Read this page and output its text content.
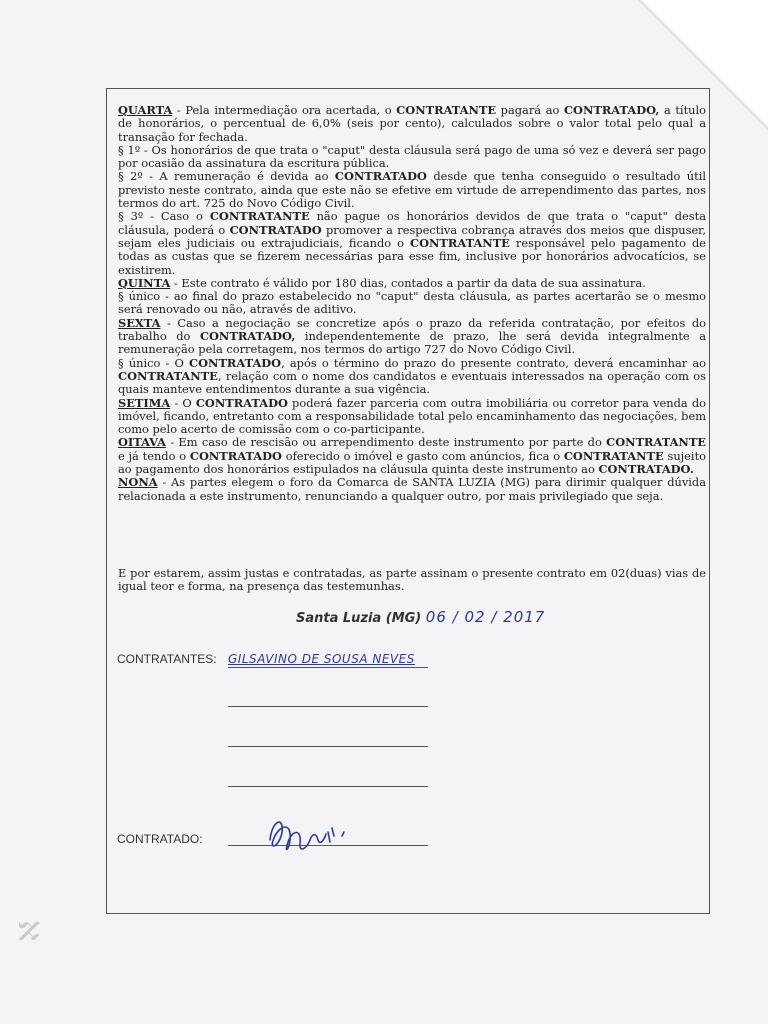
ℵ

QUARTA - Pela intermediação ora acertada, o CONTRATANTE pagará ao CONTRATADO, a título de honorários, o percentual de 6,0% (seis por cento), calculados sobre o valor total pelo qual a transação for fechada.

§ 1º - Os honorários de que trata o "caput" desta cláusula será pago de uma só vez e deverá ser pago por ocasião da assinatura da escritura pública.

§ 2º - A remuneração é devida ao CONTRATADO desde que tenha conseguido o resultado útil previsto neste contrato, ainda que este não se efetive em virtude de arrependimento das partes, nos termos do art. 725 do Novo Código Civil.

§ 3º - Caso o CONTRATANTE não pague os honorários devidos de que trata o "caput" desta cláusula, poderá o CONTRATADO promover a respectiva cobrança através dos meios que dispuser, sejam eles judiciais ou extrajudiciais, ficando o CONTRATANTE responsável pelo pagamento de todas as custas que se fizerem necessárias para esse fim, inclusive por honorários advocatícios, se existirem.

QUINTA - Este contrato é válido por 180 dias, contados a partir da data de sua assinatura.

§ único - ao final do prazo estabelecido no "caput" desta cláusula, as partes acertarão se o mesmo será renovado ou não, através de aditivo.

SEXTA - Caso a negociação se concretize após o prazo da referida contratação, por efeitos do trabalho do CONTRATADO, independentemente de prazo, lhe será devida integralmente a remuneração pela corretagem, nos termos do artigo 727 do Novo Código Civil.

§ único - O CONTRATADO, após o término do prazo do presente contrato, deverá encaminhar ao CONTRATANTE, relação com o nome dos candidatos e eventuais interessados na operação com os quais manteve entendimentos durante a sua vigência.

SETIMA - O CONTRATADO poderá fazer parceria com outra imobiliária ou corretor para venda do imóvel, ficando, entretanto com a responsabilidade total pelo encaminhamento das negociações, bem como pelo acerto de comissão com o co-participante.

OITAVA - Em caso de rescisão ou arrependimento deste instrumento por parte do CONTRATANTE e já tendo o CONTRATADO oferecido o imóvel e gasto com anúncios, fica o CONTRATANTE sujeito ao pagamento dos honorários estipulados na cláusula quinta deste instrumento ao CONTRATADO.

NONA - As partes elegem o foro da Comarca de SANTA LUZIA (MG) para dirimir qualquer dúvida relacionada a este instrumento, renunciando a qualquer outro, por mais privilegiado que seja.

E por estarem, assim justas e contratadas, as parte assinam o presente contrato em 02(duas) vias de igual teor e forma, na presença das testemunhas.
Santa Luzia (MG) 06 / 02 / 2017
CONTRATANTES: GILSAVINO DE SOUSA NEVES
CONTRATADO:
